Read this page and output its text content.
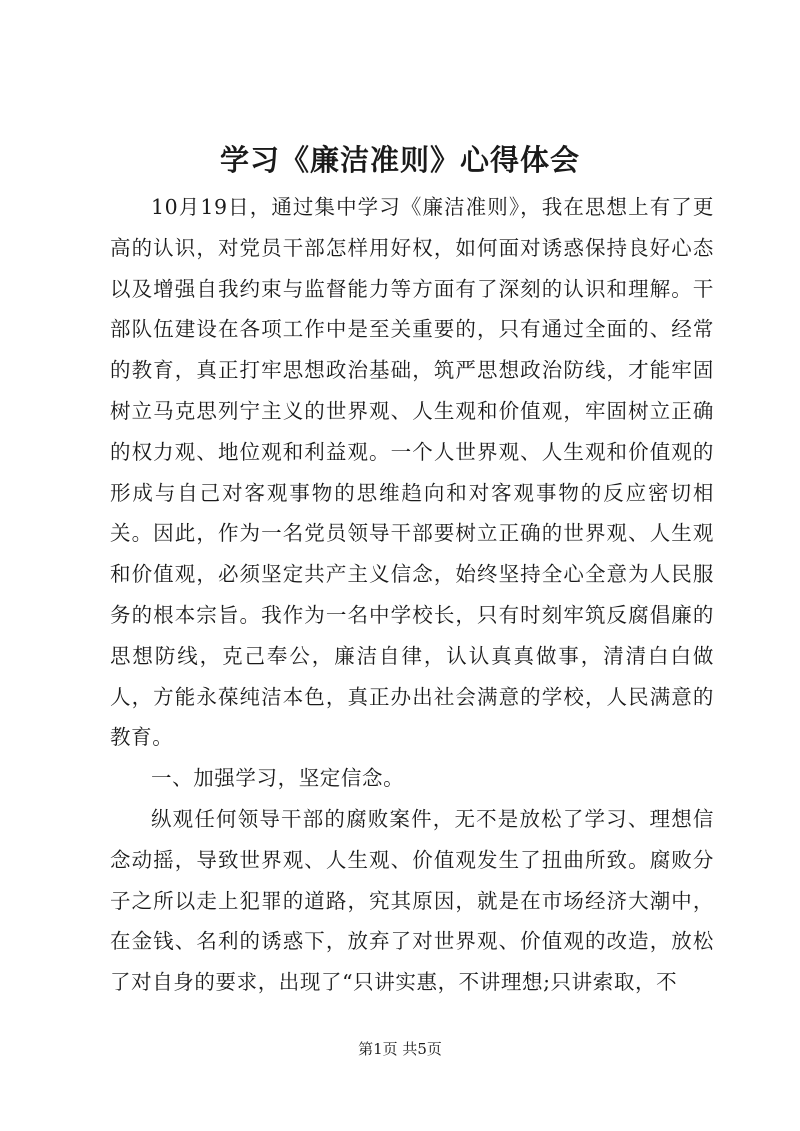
学习《廉洁准则》心得体会

10月19日，通过集中学习《廉洁准则》，我在思想上有了更高的认识，对党员干部怎样用好权，如何面对诱惑保持良好心态以及增强自我约束与监督能力等方面有了深刻的认识和理解。干部队伍建设在各项工作中是至关重要的，只有通过全面的、经常的教育，真正打牢思想政治基础，筑严思想政治防线，才能牢固树立马克思列宁主义的世界观、人生观和价值观，牢固树立正确的权力观、地位观和利益观。一个人世界观、人生观和价值观的形成与自己对客观事物的思维趋向和对客观事物的反应密切相关。因此，作为一名党员领导干部要树立正确的世界观、人生观和价值观，必须坚定共产主义信念，始终坚持全心全意为人民服务的根本宗旨。我作为一名中学校长，只有时刻牢筑反腐倡廉的思想防线，克己奉公，廉洁自律，认认真真做事，清清白白做人，方能永葆纯洁本色，真正办出社会满意的学校，人民满意的教育。

一、加强学习，坚定信念。

纵观任何领导干部的腐败案件，无不是放松了学习、理想信念动摇，导致世界观、人生观、价值观发生了扭曲所致。腐败分子之所以走上犯罪的道路，究其原因，就是在市场经济大潮中，在金钱、名利的诱惑下，放弃了对世界观、价值观的改造，放松了对自身的要求，出现了“只讲实惠，不讲理想;只讲索取，不

第1页 共5页
